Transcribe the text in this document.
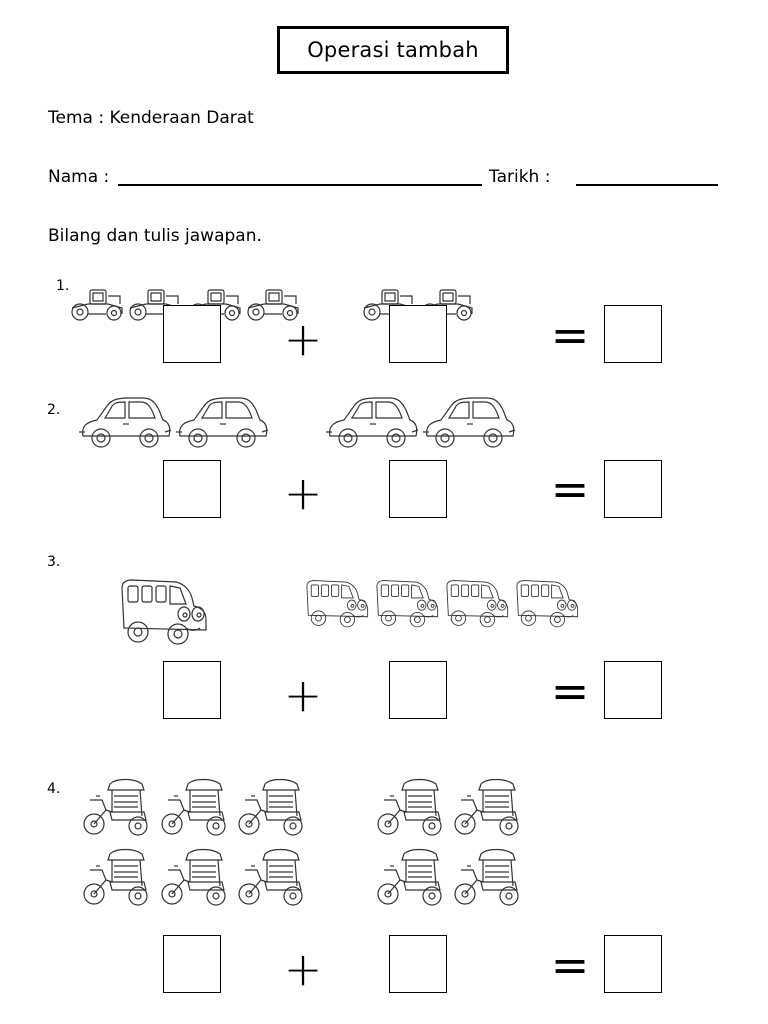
Operasi tambah
Tema : Kenderaan Darat
Nama :	Tarikh :
Bilang dan tulis jawapan.
1.
+	=
2.
+	=
3.
+	=
4.
+	=
